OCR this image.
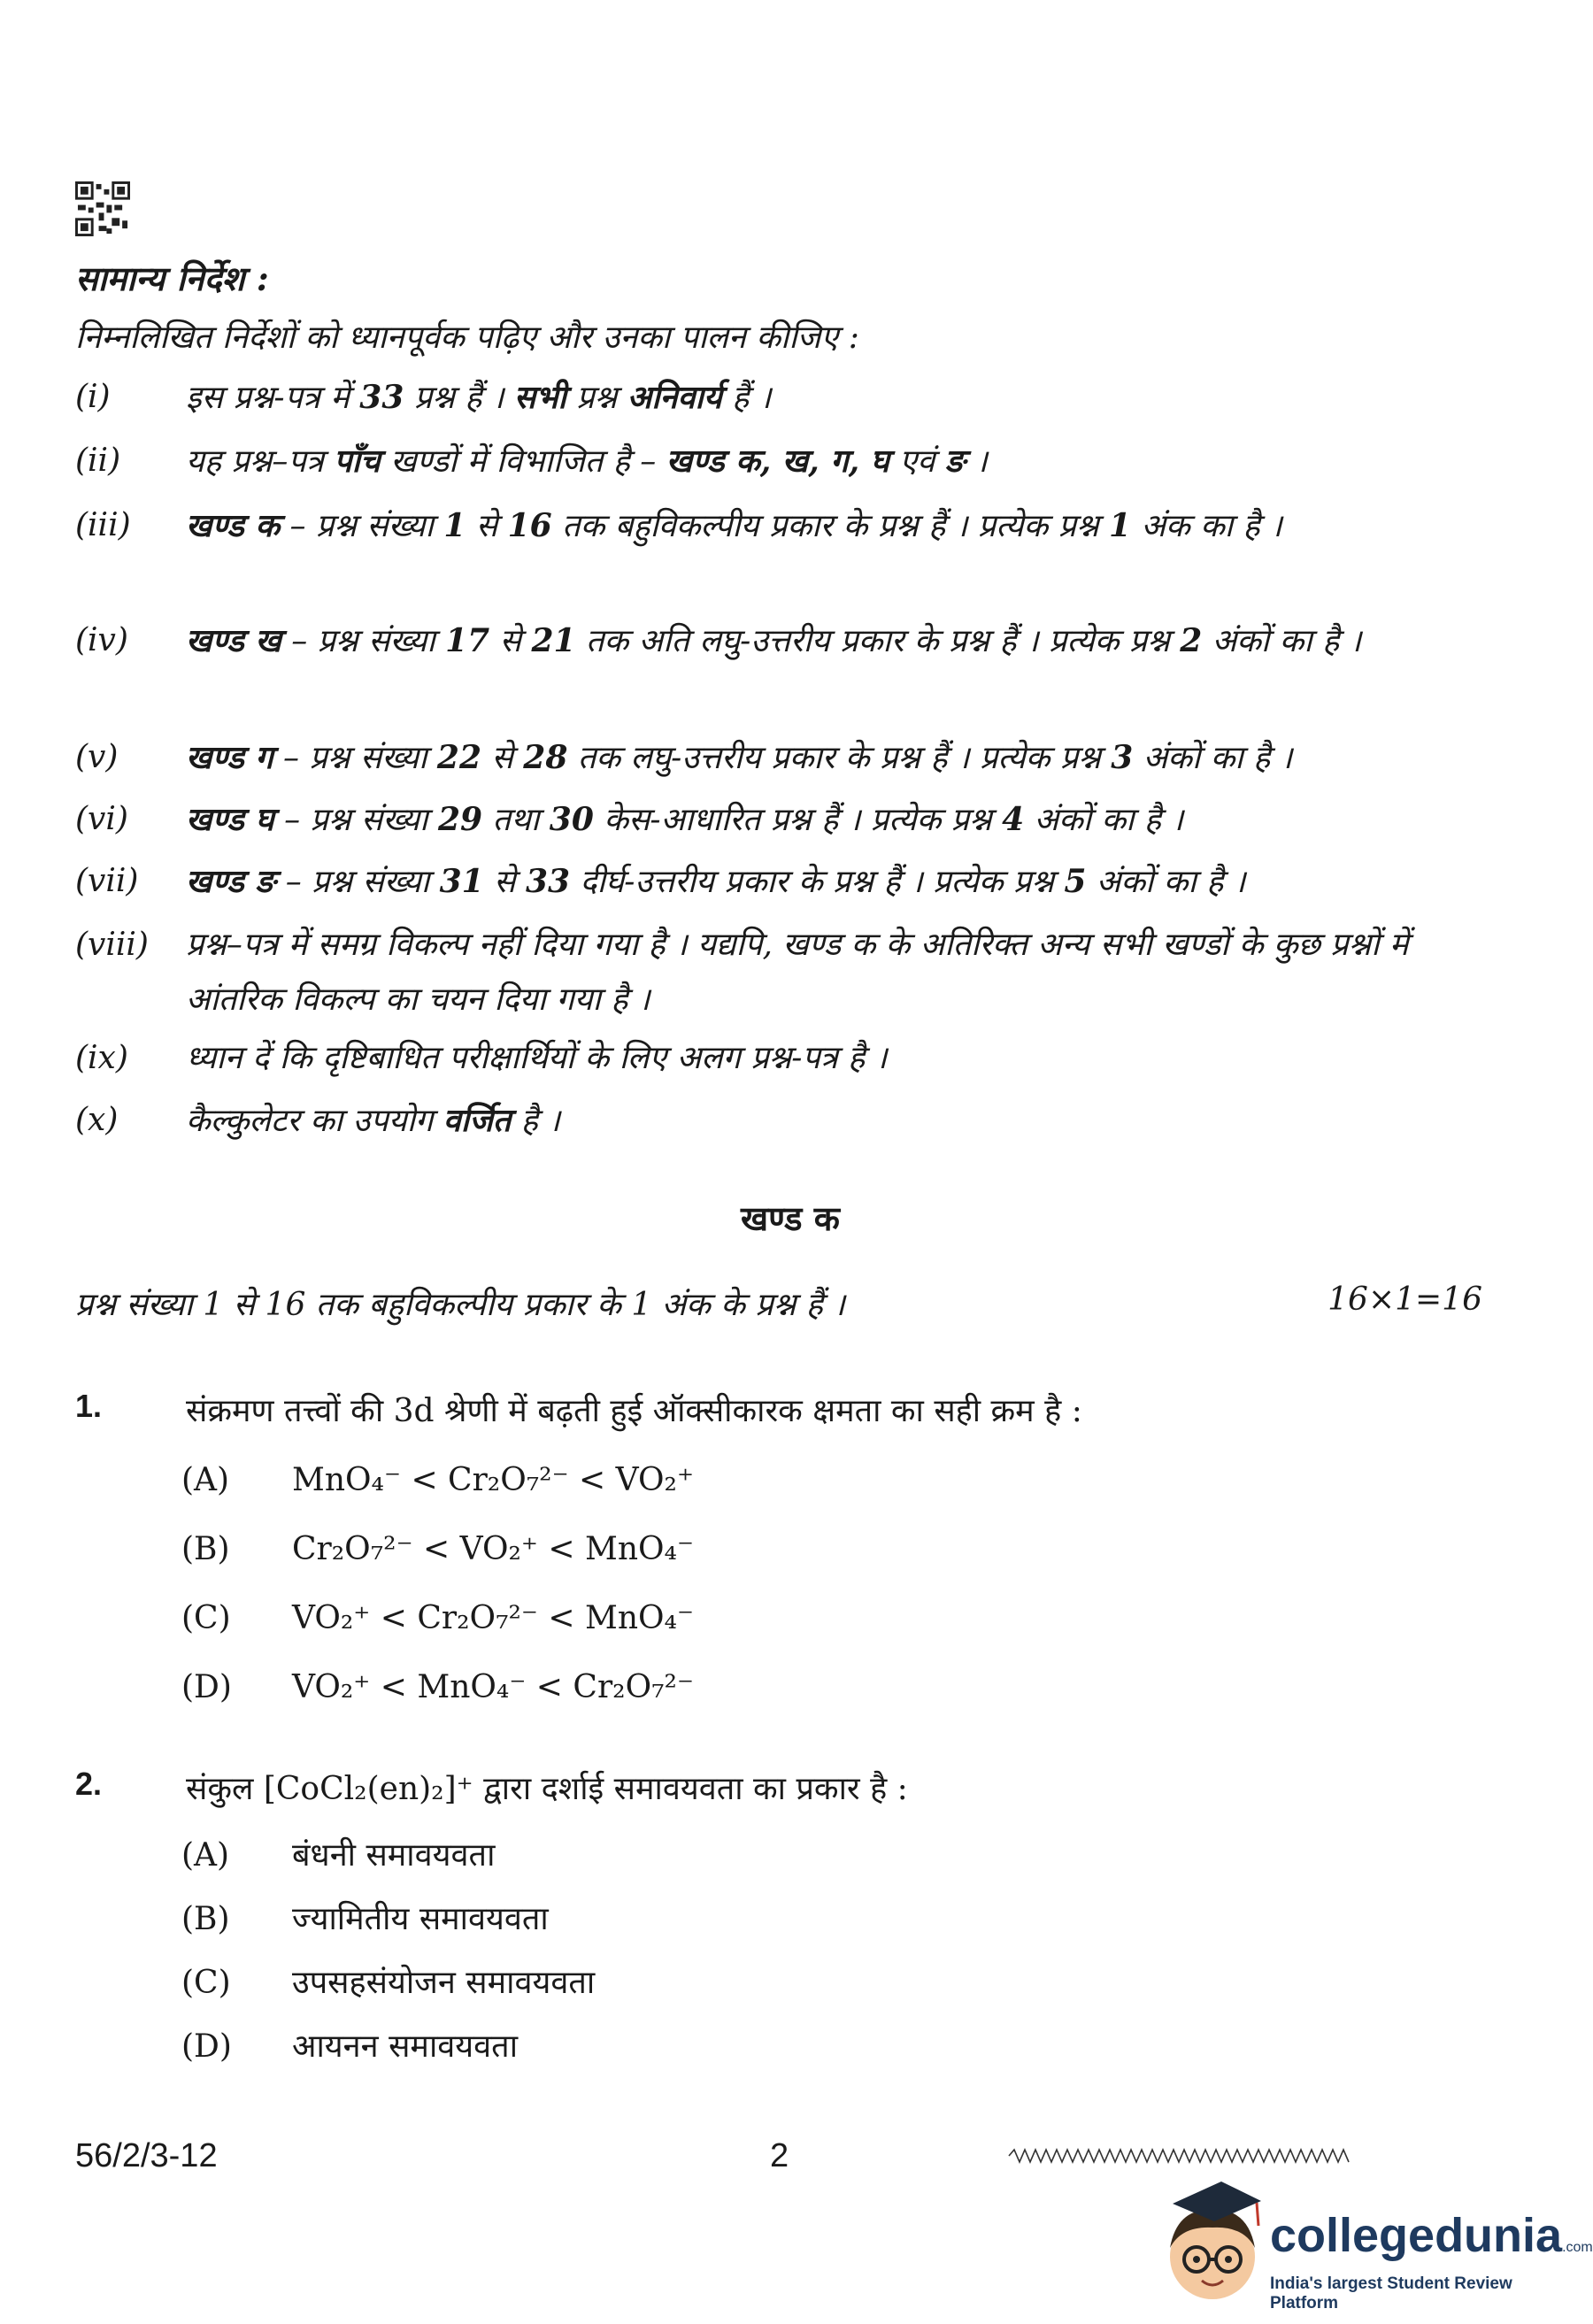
सामान्य निर्देश :
निम्नलिखित निर्देशों को ध्यानपूर्वक पढ़िए और उनका पालन कीजिए :
(i)	इस प्रश्न-पत्र में 33 प्रश्न हैं । सभी प्रश्न अनिवार्य हैं ।
(ii)	यह प्रश्न–पत्र पाँच खण्डों में विभाजित है – खण्ड क, ख, ग, घ एवं ङ ।
(iii)	खण्ड क – प्रश्न संख्या 1 से 16 तक बहुविकल्पीय प्रकार के प्रश्न हैं । प्रत्येक प्रश्न 1 अंक का है ।
(iv)	खण्ड ख – प्रश्न संख्या 17 से 21 तक अति लघु-उत्तरीय प्रकार के प्रश्न हैं । प्रत्येक प्रश्न 2 अंकों का है ।
(v)	खण्ड ग – प्रश्न संख्या 22 से 28 तक लघु-उत्तरीय प्रकार के प्रश्न हैं । प्रत्येक प्रश्न 3 अंकों का है ।
(vi)	खण्ड घ – प्रश्न संख्या 29 तथा 30 केस-आधारित प्रश्न हैं । प्रत्येक प्रश्न 4 अंकों का है ।
(vii)	खण्ड ङ – प्रश्न संख्या 31 से 33 दीर्घ-उत्तरीय प्रकार के प्रश्न हैं । प्रत्येक प्रश्न 5 अंकों का है ।
(viii)	प्रश्न–पत्र में समग्र विकल्प नहीं दिया गया है । यद्यपि, खण्ड क के अतिरिक्त अन्य सभी खण्डों के कुछ प्रश्नों में आंतरिक विकल्प का चयन दिया गया है ।
(ix)	ध्यान दें कि दृष्टिबाधित परीक्षार्थियों के लिए अलग प्रश्न-पत्र है ।
(x)	कैल्कुलेटर का उपयोग वर्जित है ।
खण्ड क
प्रश्न संख्या 1 से 16 तक बहुविकल्पीय प्रकार के 1 अंक के प्रश्न हैं ।	16×1=16
1.	संक्रमण तत्त्वों की 3d श्रेणी में बढ़ती हुई ऑक्सीकारक क्षमता का सही क्रम है :
(A)	MnO₄⁻ < Cr₂O₇²⁻ < VO₂⁺
(B)	Cr₂O₇²⁻ < VO₂⁺ < MnO₄⁻
(C)	VO₂⁺ < Cr₂O₇²⁻ < MnO₄⁻
(D)	VO₂⁺ < MnO₄⁻ < Cr₂O₇²⁻
2.	संकुल [CoCl₂(en)₂]⁺ द्वारा दर्शाई समावयवता का प्रकार है :
(A)	बंधनी समावयवता
(B)	ज्यामितीय समावयवता
(C)	उपसहसंयोजन समावयवता
(D)	आयनन समावयवता
56/2/3-12	2
collegedunia.com
India's largest Student Review Platform
